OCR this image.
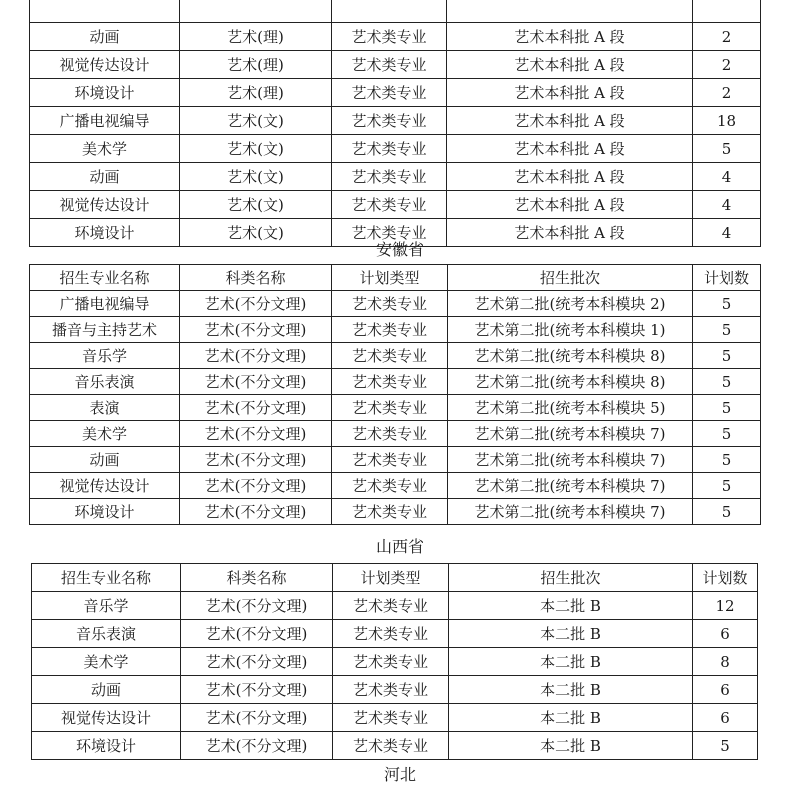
动画	艺术(理)	艺术类专业	艺术本科批 A 段	2
视觉传达设计	艺术(理)	艺术类专业	艺术本科批 A 段	2
环境设计	艺术(理)	艺术类专业	艺术本科批 A 段	2
广播电视编导	艺术(文)	艺术类专业	艺术本科批 A 段	18
美术学	艺术(文)	艺术类专业	艺术本科批 A 段	5
动画	艺术(文)	艺术类专业	艺术本科批 A 段	4
视觉传达设计	艺术(文)	艺术类专业	艺术本科批 A 段	4
环境设计	艺术(文)	艺术类专业	艺术本科批 A 段	4
安徽省
招生专业名称	科类名称	计划类型	招生批次	计划数
广播电视编导	艺术(不分文理)	艺术类专业	艺术第二批(统考本科模块 2)	5
播音与主持艺术	艺术(不分文理)	艺术类专业	艺术第二批(统考本科模块 1)	5
音乐学	艺术(不分文理)	艺术类专业	艺术第二批(统考本科模块 8)	5
音乐表演	艺术(不分文理)	艺术类专业	艺术第二批(统考本科模块 8)	5
表演	艺术(不分文理)	艺术类专业	艺术第二批(统考本科模块 5)	5
美术学	艺术(不分文理)	艺术类专业	艺术第二批(统考本科模块 7)	5
动画	艺术(不分文理)	艺术类专业	艺术第二批(统考本科模块 7)	5
视觉传达设计	艺术(不分文理)	艺术类专业	艺术第二批(统考本科模块 7)	5
环境设计	艺术(不分文理)	艺术类专业	艺术第二批(统考本科模块 7)	5
山西省
招生专业名称	科类名称	计划类型	招生批次	计划数
音乐学	艺术(不分文理)	艺术类专业	本二批 B	12
音乐表演	艺术(不分文理)	艺术类专业	本二批 B	6
美术学	艺术(不分文理)	艺术类专业	本二批 B	8
动画	艺术(不分文理)	艺术类专业	本二批 B	6
视觉传达设计	艺术(不分文理)	艺术类专业	本二批 B	6
环境设计	艺术(不分文理)	艺术类专业	本二批 B	5
河北
